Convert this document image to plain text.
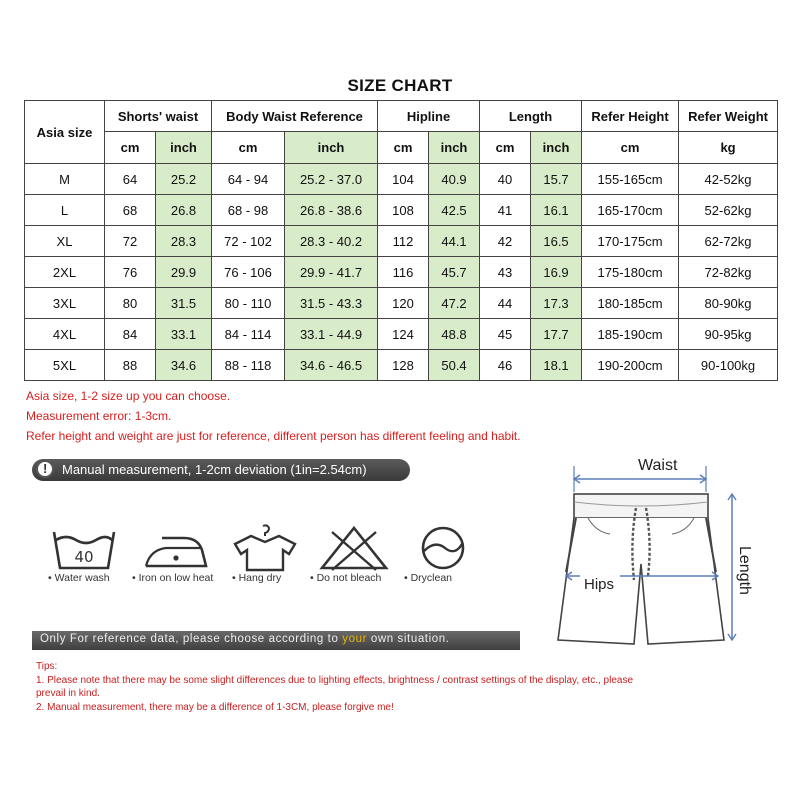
SIZE CHART
Asia size	Shorts' waist		Body Waist Reference		Hipline		Length		Refer Height	Refer Weight
	cm	inch	cm	inch	cm	inch	cm	inch	cm	kg
M	64	25.2	64 - 94	25.2 - 37.0	104	40.9	40	15.7	155-165cm	42-52kg
L	68	26.8	68 - 98	26.8 - 38.6	108	42.5	41	16.1	165-170cm	52-62kg
XL	72	28.3	72 - 102	28.3 - 40.2	112	44.1	42	16.5	170-175cm	62-72kg
2XL	76	29.9	76 - 106	29.9 - 41.7	116	45.7	43	16.9	175-180cm	72-82kg
3XL	80	31.5	80 - 110	31.5 - 43.3	120	47.2	44	17.3	180-185cm	80-90kg
4XL	84	33.1	84 - 114	33.1 - 44.9	124	48.8	45	17.7	185-190cm	90-95kg
5XL	88	34.6	88 - 118	34.6 - 46.5	128	50.4	46	18.1	190-200cm	90-100kg
Asia size, 1-2 size up you can choose.
Measurement error: 1-3cm.
Refer height and weight are just for reference, different person has different feeling and habit.
! Manual measurement, 1-2cm deviation (1in=2.54cm)
40
• Water wash • Iron on low heat • Hang dry	• Do not bleach • Dryclean
Only For reference data, please choose according to your own situation.
Tips:
1. Please note that there may be some slight differences due to lighting effects, brightness / contrast settings of the display, etc., please prevail in kind.
2. Manual measurement, there may be a difference of 1-3CM, please forgive me!
Waist
Hips	Length
